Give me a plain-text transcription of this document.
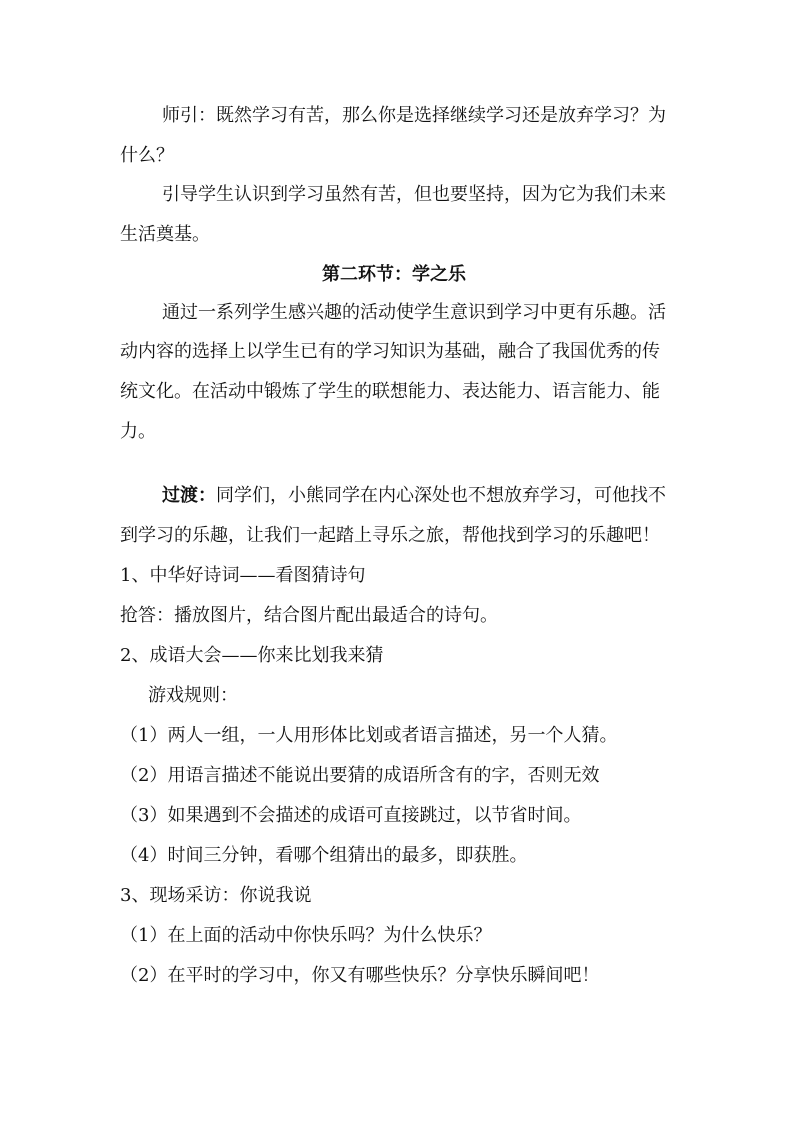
师引：既然学习有苦，那么你是选择继续学习还是放弃学习？为
什么？
引导学生认识到学习虽然有苦，但也要坚持，因为它为我们未来
生活奠基。
第二环节：学之乐
通过一系列学生感兴趣的活动使学生意识到学习中更有乐趣。活
动内容的选择上以学生已有的学习知识为基础，融合了我国优秀的传
统文化。在活动中锻炼了学生的联想能力、表达能力、语言能力、能
力。
过渡：同学们，小熊同学在内心深处也不想放弃学习，可他找不
到学习的乐趣，让我们一起踏上寻乐之旅，帮他找到学习的乐趣吧！
1、中华好诗词——看图猜诗句
抢答：播放图片，结合图片配出最适合的诗句。
2、成语大会——你来比划我来猜
游戏规则：
（1）两人一组，一人用形体比划或者语言描述，另一个人猜。
（2）用语言描述不能说出要猜的成语所含有的字，否则无效
（3）如果遇到不会描述的成语可直接跳过，以节省时间。
（4）时间三分钟，看哪个组猜出的最多，即获胜。
3、现场采访：你说我说
（1）在上面的活动中你快乐吗？为什么快乐？
（2）在平时的学习中，你又有哪些快乐？分享快乐瞬间吧！
